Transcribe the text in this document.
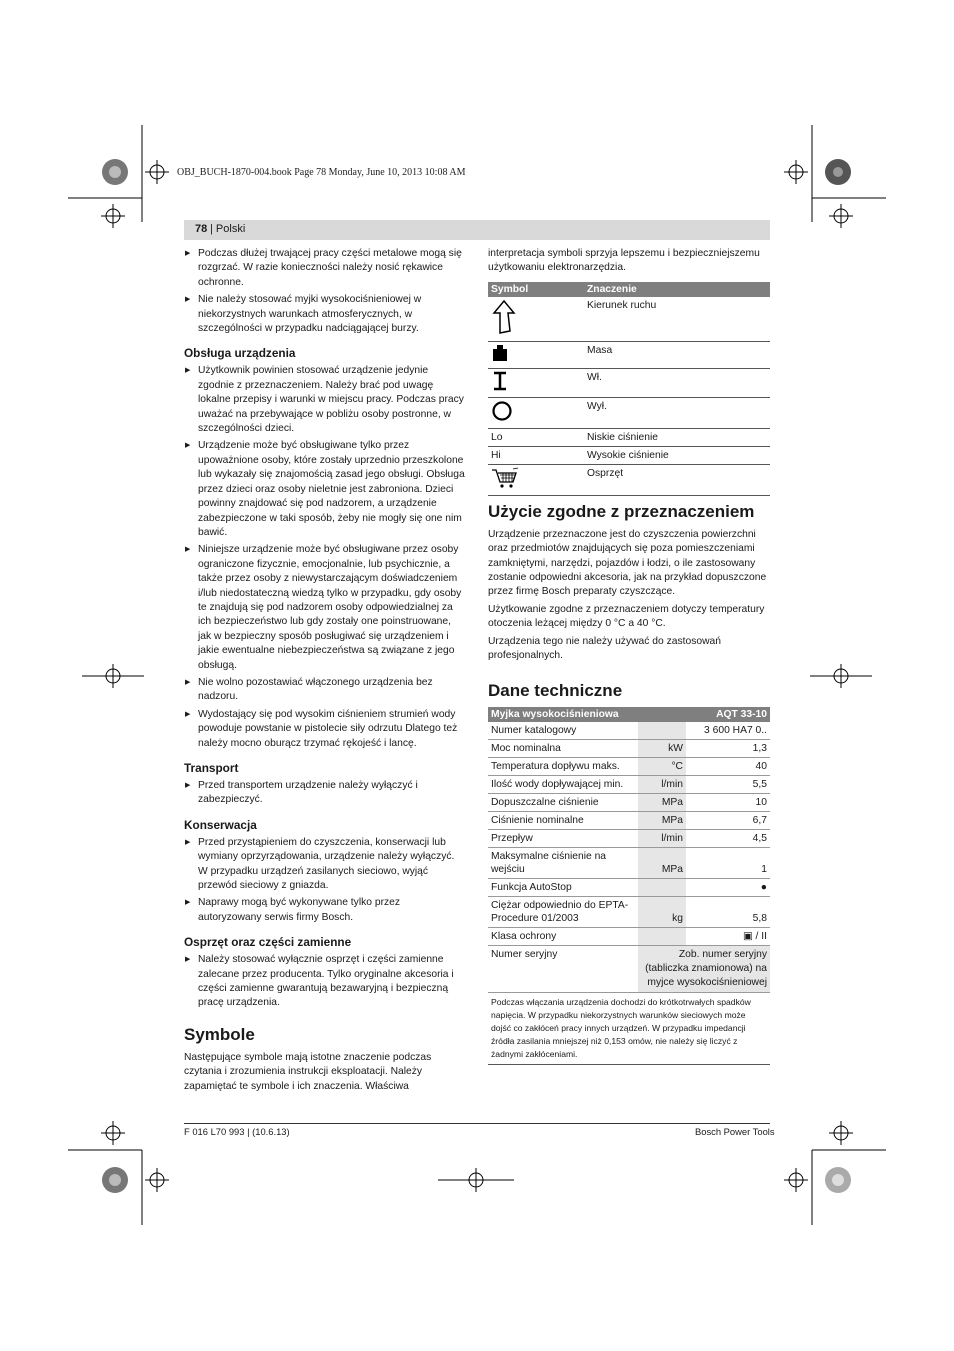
OBJ_BUCH-1870-004.book Page 78 Monday, June 10, 2013 10:08 AM
78 | Polski
▶ Podczas dłużej trwającej pracy części metalowe mogą się rozgrzać. W razie konieczności należy nosić rękawice ochronne.
▶ Nie należy stosować myjki wysokociśnieniowej w niekorzystnych warunkach atmosferycznych, w szczególności w przypadku nadciągającej burzy.
Obsługa urządzenia
▶ Użytkownik powinien stosować urządzenie jedynie zgodnie z przeznaczeniem. Należy brać pod uwagę lokalne przepisy i warunki w miejscu pracy. Podczas pracy uważać na przebywające w pobliżu osoby postronne, w szczególności dzieci.
▶ Urządzenie może być obsługiwane tylko przez upoważnione osoby, które zostały uprzednio przeszkolone lub wykazały się znajomością zasad jego obsługi. Obsługa przez dzieci oraz osoby nieletnie jest zabroniona. Dzieci powinny znajdować się pod nadzorem, a urządzenie zabezpieczone w taki sposób, żeby nie mogły się one nim bawić.
▶ Niniejsze urządzenie może być obsługiwane przez osoby ograniczone fizycznie, emocjonalnie, lub psychicznie, a także przez osoby z niewystarczającym doświadczeniem i/lub niedostateczną wiedzą tylko w przypadku, gdy osoby te znajdują się pod nadzorem osoby odpowiedzialnej za ich bezpieczeństwo lub gdy zostały one poinstruowane, jak w bezpieczny sposób posługiwać się urządzeniem i jakie ewentualne niebezpieczeństwa są związane z jego obsługą.
▶ Nie wolno pozostawiać włączonego urządzenia bez nadzoru.
▶ Wydostający się pod wysokim ciśnieniem strumień wody powoduje powstanie w pistolecie siły odrzutu Dlatego też należy mocno oburącz trzymać rękojeść i lancę.
Transport
▶ Przed transportem urządzenie należy wyłączyć i zabezpieczyć.
Konserwacja
▶ Przed przystąpieniem do czyszczenia, konserwacji lub wymiany oprzyrządowania, urządzenie należy wyłączyć. W przypadku urządzeń zasilanych sieciowo, wyjąć przewód sieciowy z gniazda.
▶ Naprawy mogą być wykonywane tylko przez autoryzowany serwis firmy Bosch.
Osprzęt oraz części zamienne
▶ Należy stosować wyłącznie osprzęt i części zamienne zalecane przez producenta. Tylko oryginalne akcesoria i części zamienne gwarantują bezawaryjną i bezpieczną pracę urządzenia.
Symbole
Następujące symbole mają istotne znaczenie podczas czytania i zrozumienia instrukcji eksploatacji. Należy zapamiętać te symbole i ich znaczenia. Właściwa
interpretacja symboli sprzyja lepszemu i bezpieczniejszemu użytkowaniu elektronarzędzia.
Symbol	Znaczenie
	Kierunek ruchu
	Masa
	Wł.
	Wył.
Lo	Niskie ciśnienie
Hi	Wysokie ciśnienie
	Osprzęt
Użycie zgodne z przeznaczeniem
Urządzenie przeznaczone jest do czyszczenia powierzchni oraz przedmiotów znajdujących się poza pomieszczeniami zamkniętymi, narzędzi, pojazdów i łodzi, o ile zastosowany zostanie odpowiedni akcesoria, jak na przykład dopuszczone przez firmę Bosch preparaty czyszczące.
Użytkowanie zgodne z przeznaczeniem dotyczy temperatury otoczenia leżącej między 0 °C a 40 °C.
Urządzenia tego nie należy używać do zastosowań profesjonalnych.
Dane techniczne
Myjka wysokociśnieniowa		AQT 33-10
Numer katalogowy		3 600 HA7 0..
Moc nominalna	kW	1,3
Temperatura dopływu maks.	°C	40
Ilość wody dopływającej min.	l/min	5,5
Dopuszczalne ciśnienie	MPa	10
Ciśnienie nominalne	MPa	6,7
Przepływ	l/min	4,5
Maksymalne ciśnienie na wejściu	MPa	1
Funkcja AutoStop		●
Ciężar odpowiednio do EPTA-Procedure 01/2003	kg	5,8
Klasa ochrony		▣ / II
Numer seryjny	Zob. numer seryjny (tabliczka znamionowa) na myjce wysokociśnieniowej	
Podczas włączania urządzenia dochodzi do krótkotrwałych spadków napięcia. W przypadku niekorzystnych warunków sieciowych może dojść co zakłóceń pracy innych urządzeń. W przypadku impedancji źródła zasilania mniejszej niż 0,153 omów, nie należy się liczyć z żadnymi zakłóceniami.
F 016 L70 993 | (10.6.13)	Bosch Power Tools
